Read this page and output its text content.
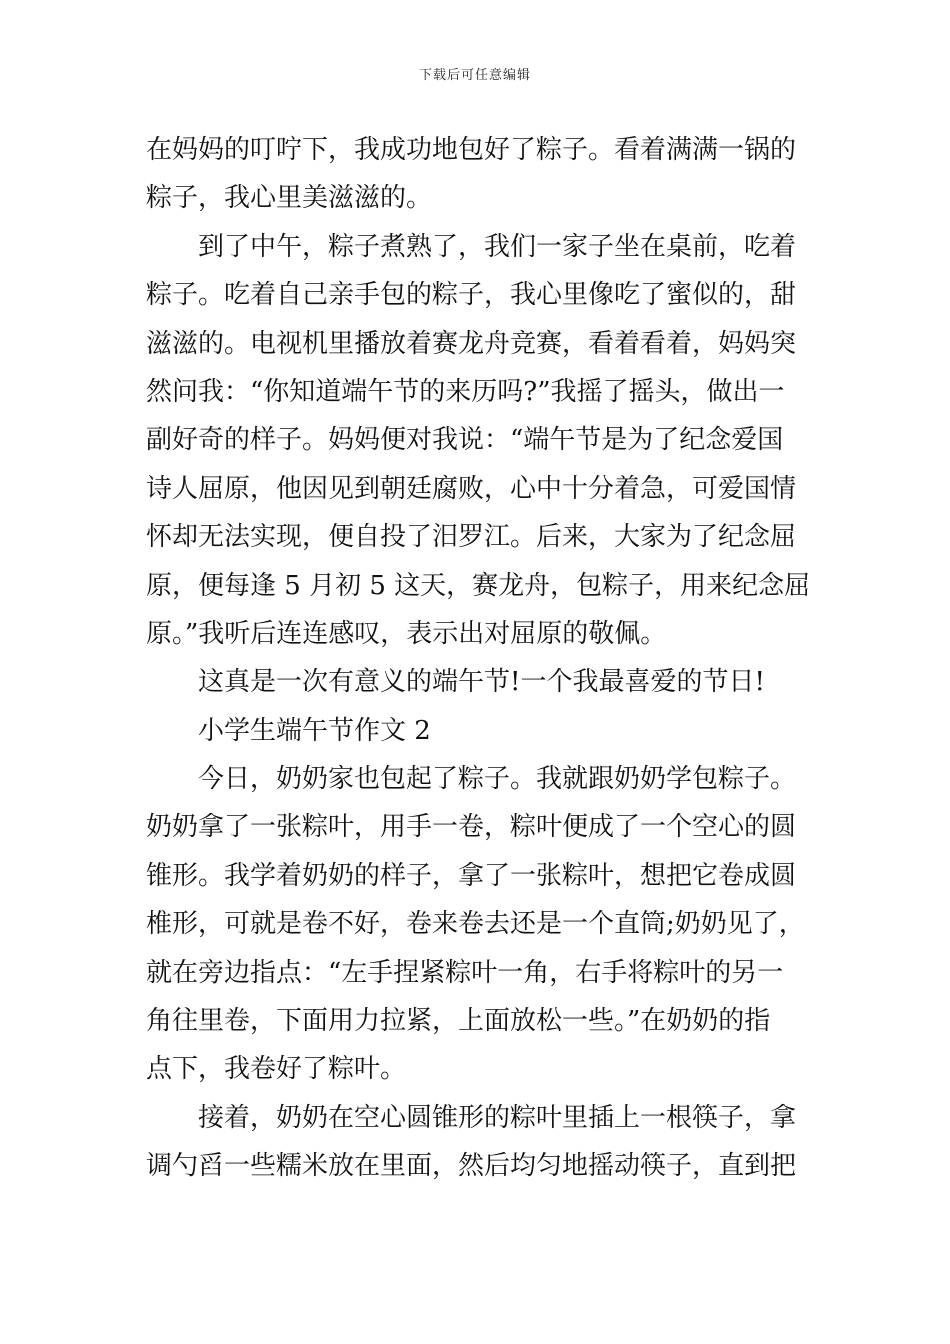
下载后可任意编辑
在妈妈的叮咛下，我成功地包好了粽子。看着满满一锅的
粽子，我心里美滋滋的。
到了中午，粽子煮熟了，我们一家子坐在桌前，吃着
粽子。吃着自己亲手包的粽子，我心里像吃了蜜似的，甜
滋滋的。电视机里播放着赛龙舟竞赛，看着看着，妈妈突
然问我：“你知道端午节的来历吗?”我摇了摇头，做出一
副好奇的样子。妈妈便对我说：“端午节是为了纪念爱国
诗人屈原，他因见到朝廷腐败，心中十分着急，可爱国情
怀却无法实现，便自投了汨罗江。后来，大家为了纪念屈
原，便每逢 5 月初 5 这天，赛龙舟，包粽子，用来纪念屈
原。”我听后连连感叹，表示出对屈原的敬佩。
这真是一次有意义的端午节!一个我最喜爱的节日!
小学生端午节作文 2
今日，奶奶家也包起了粽子。我就跟奶奶学包粽子。
奶奶拿了一张粽叶，用手一卷，粽叶便成了一个空心的圆
锥形。我学着奶奶的样子，拿了一张粽叶，想把它卷成圆
椎形，可就是卷不好，卷来卷去还是一个直筒;奶奶见了，
就在旁边指点：“左手捏紧粽叶一角，右手将粽叶的另一
角往里卷，下面用力拉紧，上面放松一些。”在奶奶的指
点下，我卷好了粽叶。
接着，奶奶在空心圆锥形的粽叶里插上一根筷子，拿
调勺舀一些糯米放在里面，然后均匀地摇动筷子，直到把
